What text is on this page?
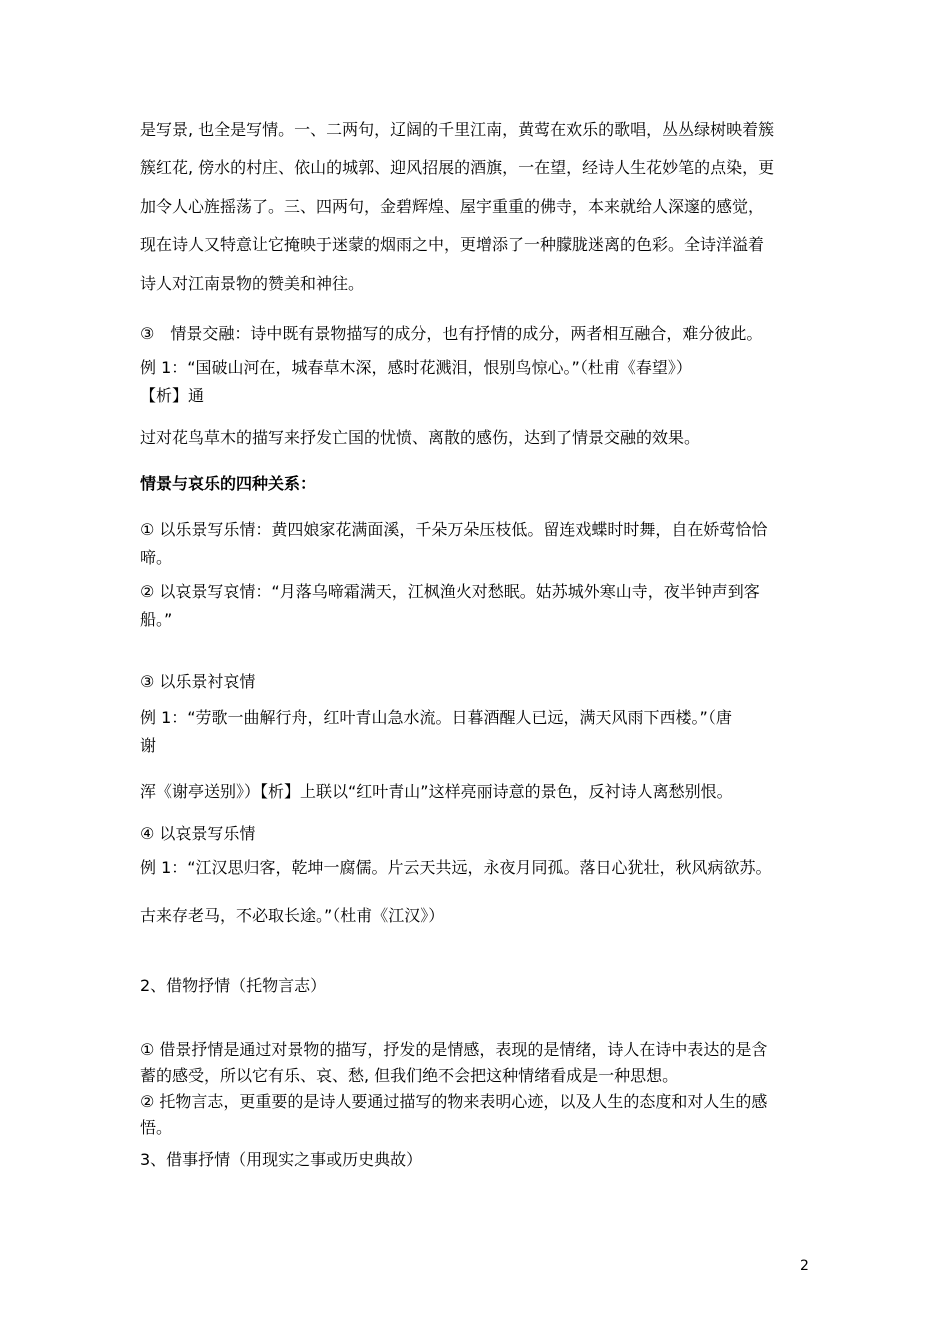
是写景, 也全是写情。一、二两句，辽阔的千里江南，黄莺在欢乐的歌唱，丛丛绿树映着簇
簇红花, 傍水的村庄、依山的城郭、迎风招展的酒旗，一在望，经诗人生花妙笔的点染，更
加令人心旌摇荡了。三、四两句，金碧辉煌、屋宇重重的佛寺，本来就给人深邃的感觉，
现在诗人又特意让它掩映于迷蒙的烟雨之中，更增添了一种朦胧迷离的色彩。全诗洋溢着
诗人对江南景物的赞美和神往。
③　情景交融：诗中既有景物描写的成分，也有抒情的成分，两者相互融合，难分彼此。
例 1：“国破山河在，城春草木深，感时花溅泪，恨别鸟惊心。”（杜甫《春望》）
【析】通
过对花鸟草木的描写来抒发亡国的忧愤、离散的感伤，达到了情景交融的效果。
情景与哀乐的四种关系：
① 以乐景写乐情：黄四娘家花满面溪，千朵万朵压枝低。留连戏蝶时时舞，自在娇莺恰恰
啼。
② 以哀景写哀情：“月落乌啼霜满天，江枫渔火对愁眠。姑苏城外寒山寺，夜半钟声到客
船。”
③ 以乐景衬哀情
例 1：“劳歌一曲解行舟，红叶青山急水流。日暮酒醒人已远，满天风雨下西楼。”（唐
谢
浑《谢亭送别》）【析】上联以“红叶青山”这样亮丽诗意的景色，反衬诗人离愁别恨。
④ 以哀景写乐情
例 1：“江汉思归客，乾坤一腐儒。片云天共远，永夜月同孤。落日心犹壮，秋风病欲苏。
古来存老马，不必取长途。”（杜甫《江汉》）
2、借物抒情（托物言志）
① 借景抒情是通过对景物的描写，抒发的是情感，表现的是情绪，诗人在诗中表达的是含
蓄的感受，所以它有乐、哀、愁, 但我们绝不会把这种情绪看成是一种思想。
② 托物言志，更重要的是诗人要通过描写的物来表明心迹，以及人生的态度和对人生的感
悟。
3、借事抒情（用现实之事或历史典故）
2
